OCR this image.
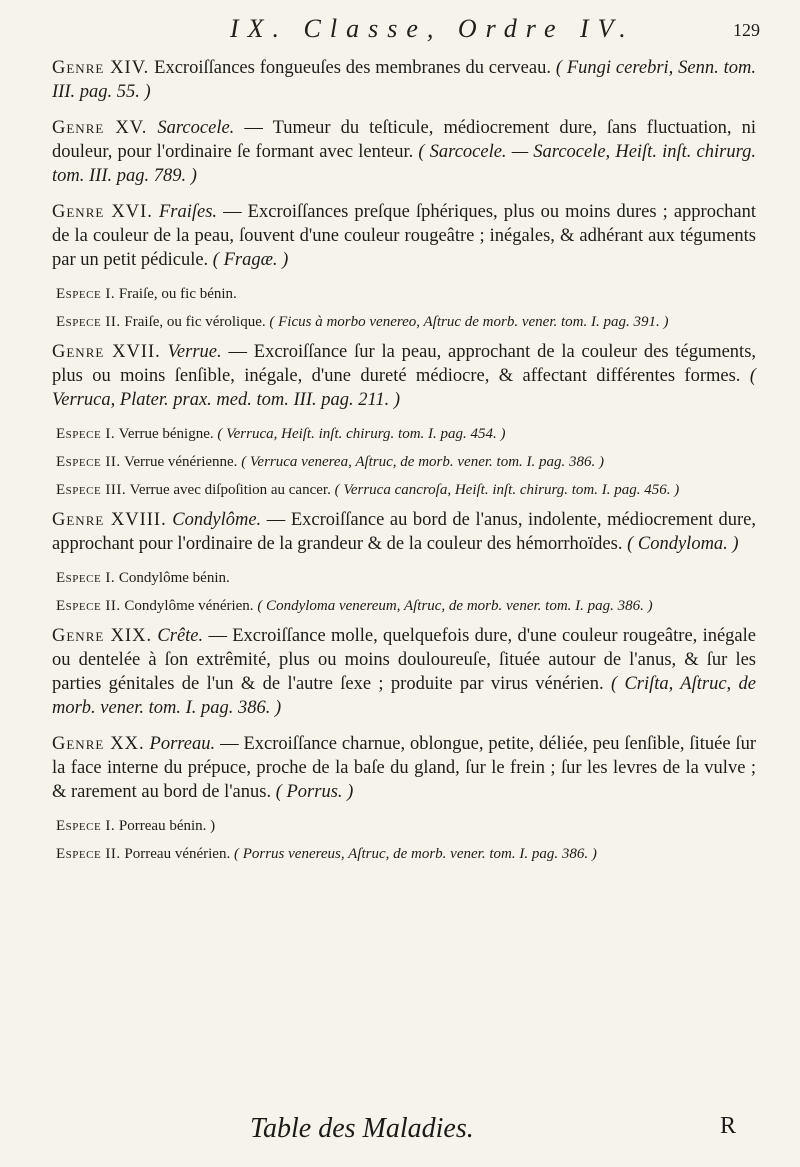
IX. Classe, Ordre IV.	129

Genre XIV. Excroiſſances fongueuſes des membranes du cerveau. ( Fungi cerebri, Senn. tom. III. pag. 55. )

Genre XV. Sarcocele. — Tumeur du teſticule, médiocrement dure, ſans fluctuation, ni douleur, pour l'ordinaire ſe formant avec lenteur. ( Sarcocele. — Sarcocele, Heiſt. inſt. chirurg. tom. III. pag. 789. )

Genre XVI. Fraiſes. — Excroiſſances preſque ſphériques, plus ou moins dures ; approchant de la couleur de la peau, ſouvent d'une couleur rougeâtre ; inégales, & adhérant aux téguments par un petit pédicule. ( Fragæ. )

Espece I. Fraiſe, ou fic bénin.

Espece II. Fraiſe, ou fic vérolique. ( Ficus à morbo venereo, Aſtruc de morb. vener. tom. I. pag. 391. )

Genre XVII. Verrue. — Excroiſſance ſur la peau, approchant de la couleur des téguments, plus ou moins ſenſible, inégale, d'une dureté médiocre, & affectant différentes formes. ( Verruca, Plater. prax. med. tom. III. pag. 211. )

Espece I. Verrue bénigne. ( Verruca, Heiſt. inſt. chirurg. tom. I. pag. 454. )

Espece II. Verrue vénérienne. ( Verruca venerea, Aſtruc, de morb. vener. tom. I. pag. 386. )

Espece III. Verrue avec diſpoſition au cancer. ( Verruca cancroſa, Heiſt. inſt. chirurg. tom. I. pag. 456. )

Genre XVIII. Condylôme. — Excroiſſance au bord de l'anus, indolente, médiocrement dure, approchant pour l'ordinaire de la grandeur & de la couleur des hémorrhoïdes. ( Condyloma. )

Espece I. Condylôme bénin.

Espece II. Condylôme vénérien. ( Condyloma venereum, Aſtruc, de morb. vener. tom. I. pag. 386. )

Genre XIX. Crête. — Excroiſſance molle, quelquefois dure, d'une couleur rougeâtre, inégale ou dentelée à ſon extrêmité, plus ou moins douloureuſe, ſituée autour de l'anus, & ſur les parties génitales de l'un & de l'autre ſexe ; produite par virus vénérien. ( Criſta, Aſtruc, de morb. vener. tom. I. pag. 386. )

Genre XX. Porreau. — Excroiſſance charnue, oblongue, petite, déliée, peu ſenſible, ſituée ſur la face interne du prépuce, proche de la baſe du gland, ſur le frein ; ſur les levres de la vulve ; & rarement au bord de l'anus. ( Porrus. )

Espece I. Porreau bénin. )

Espece II. Porreau vénérien. ( Porrus venereus, Aſtruc, de morb. vener. tom. I. pag. 386. )

Table des Maladies.	R
